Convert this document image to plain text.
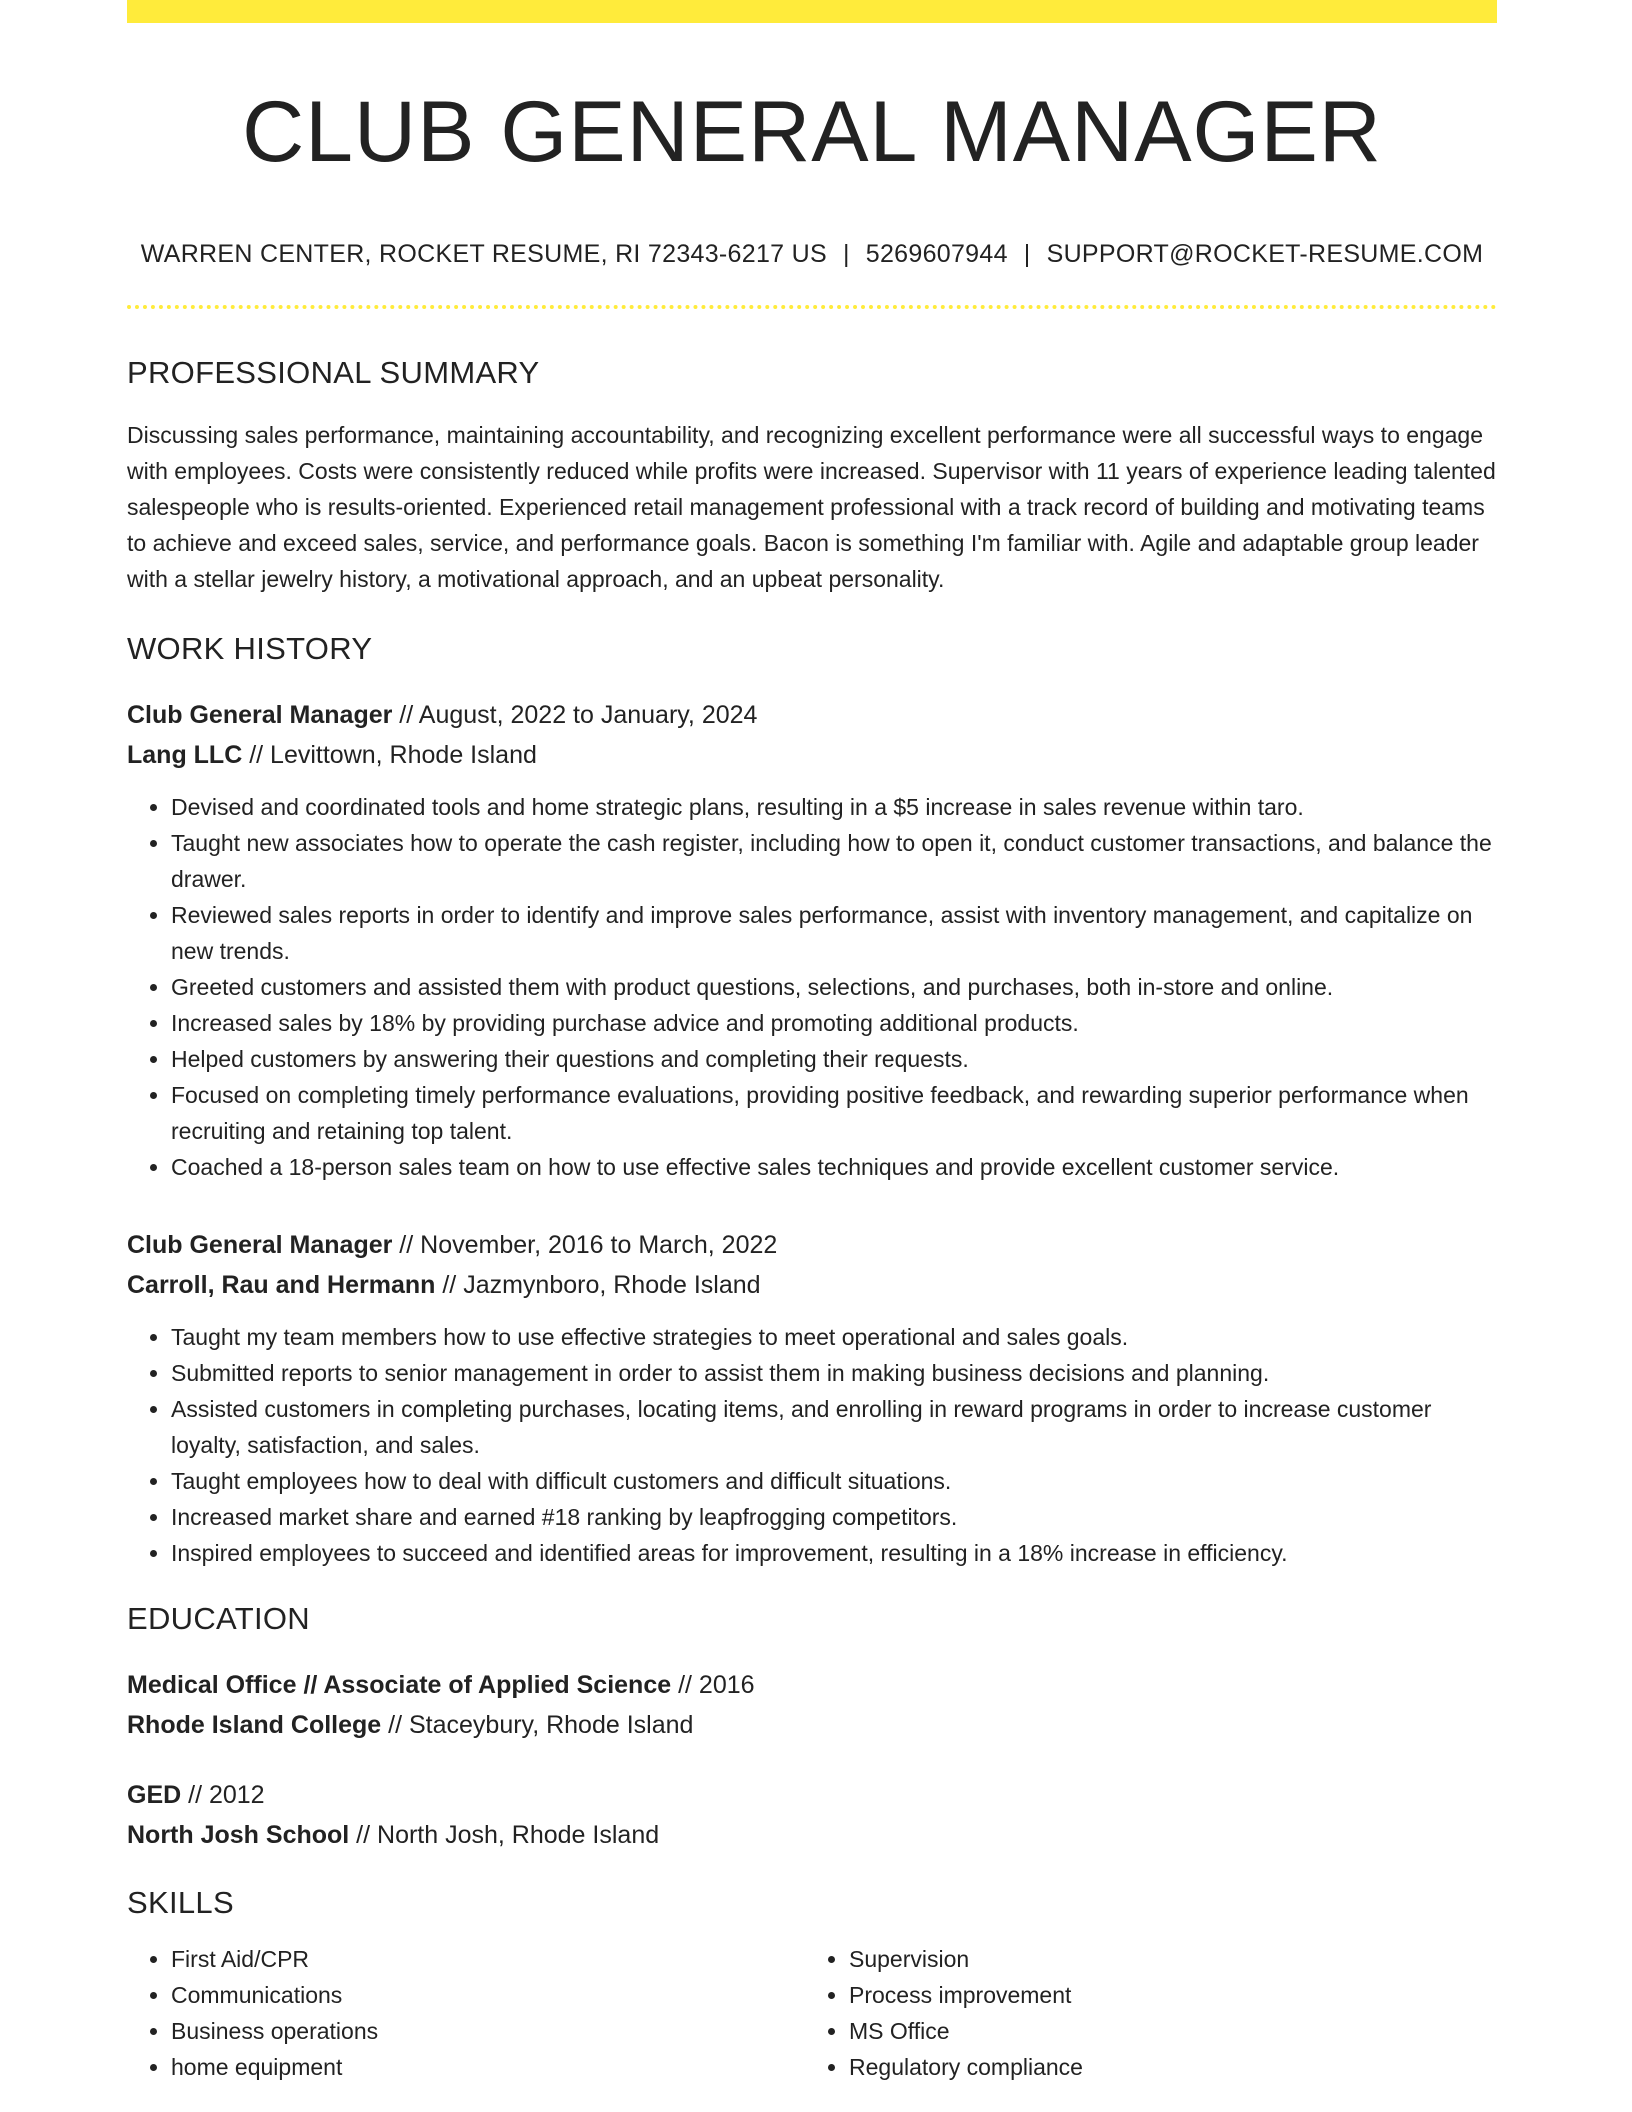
CLUB GENERAL MANAGER
WARREN CENTER, ROCKET RESUME, RI 72343-6217 US | 5269607944 | SUPPORT@ROCKET-RESUME.COM
PROFESSIONAL SUMMARY

Discussing sales performance, maintaining accountability, and recognizing excellent performance were all successful ways to engage with employees. Costs were consistently reduced while profits were increased. Supervisor with 11 years of experience leading talented salespeople who is results-oriented. Experienced retail management professional with a track record of building and motivating teams to achieve and exceed sales, service, and performance goals. Bacon is something I'm familiar with. Agile and adaptable group leader with a stellar jewelry history, a motivational approach, and an upbeat personality.

WORK HISTORY
Club General Manager // August, 2022 to January, 2024
Lang LLC // Levittown, Rhode Island
• Devised and coordinated tools and home strategic plans, resulting in a $5 increase in sales revenue within taro.
• Taught new associates how to operate the cash register, including how to open it, conduct customer transactions, and balance the drawer.
• Reviewed sales reports in order to identify and improve sales performance, assist with inventory management, and capitalize on new trends.
• Greeted customers and assisted them with product questions, selections, and purchases, both in-store and online.
• Increased sales by 18% by providing purchase advice and promoting additional products.
• Helped customers by answering their questions and completing their requests.
• Focused on completing timely performance evaluations, providing positive feedback, and rewarding superior performance when recruiting and retaining top talent.
• Coached a 18-person sales team on how to use effective sales techniques and provide excellent customer service.
Club General Manager // November, 2016 to March, 2022
Carroll, Rau and Hermann // Jazmynboro, Rhode Island
• Taught my team members how to use effective strategies to meet operational and sales goals.
• Submitted reports to senior management in order to assist them in making business decisions and planning.
• Assisted customers in completing purchases, locating items, and enrolling in reward programs in order to increase customer loyalty, satisfaction, and sales.
• Taught employees how to deal with difficult customers and difficult situations.
• Increased market share and earned #18 ranking by leapfrogging competitors.
• Inspired employees to succeed and identified areas for improvement, resulting in a 18% increase in efficiency.
EDUCATION
Medical Office // Associate of Applied Science // 2016
Rhode Island College // Staceybury, Rhode Island
GED // 2012
North Josh School // North Josh, Rhode Island
SKILLS
• First Aid/CPR
• Communications
• Business operations
• home equipment
• Supervision
• Process improvement
• MS Office
• Regulatory compliance
